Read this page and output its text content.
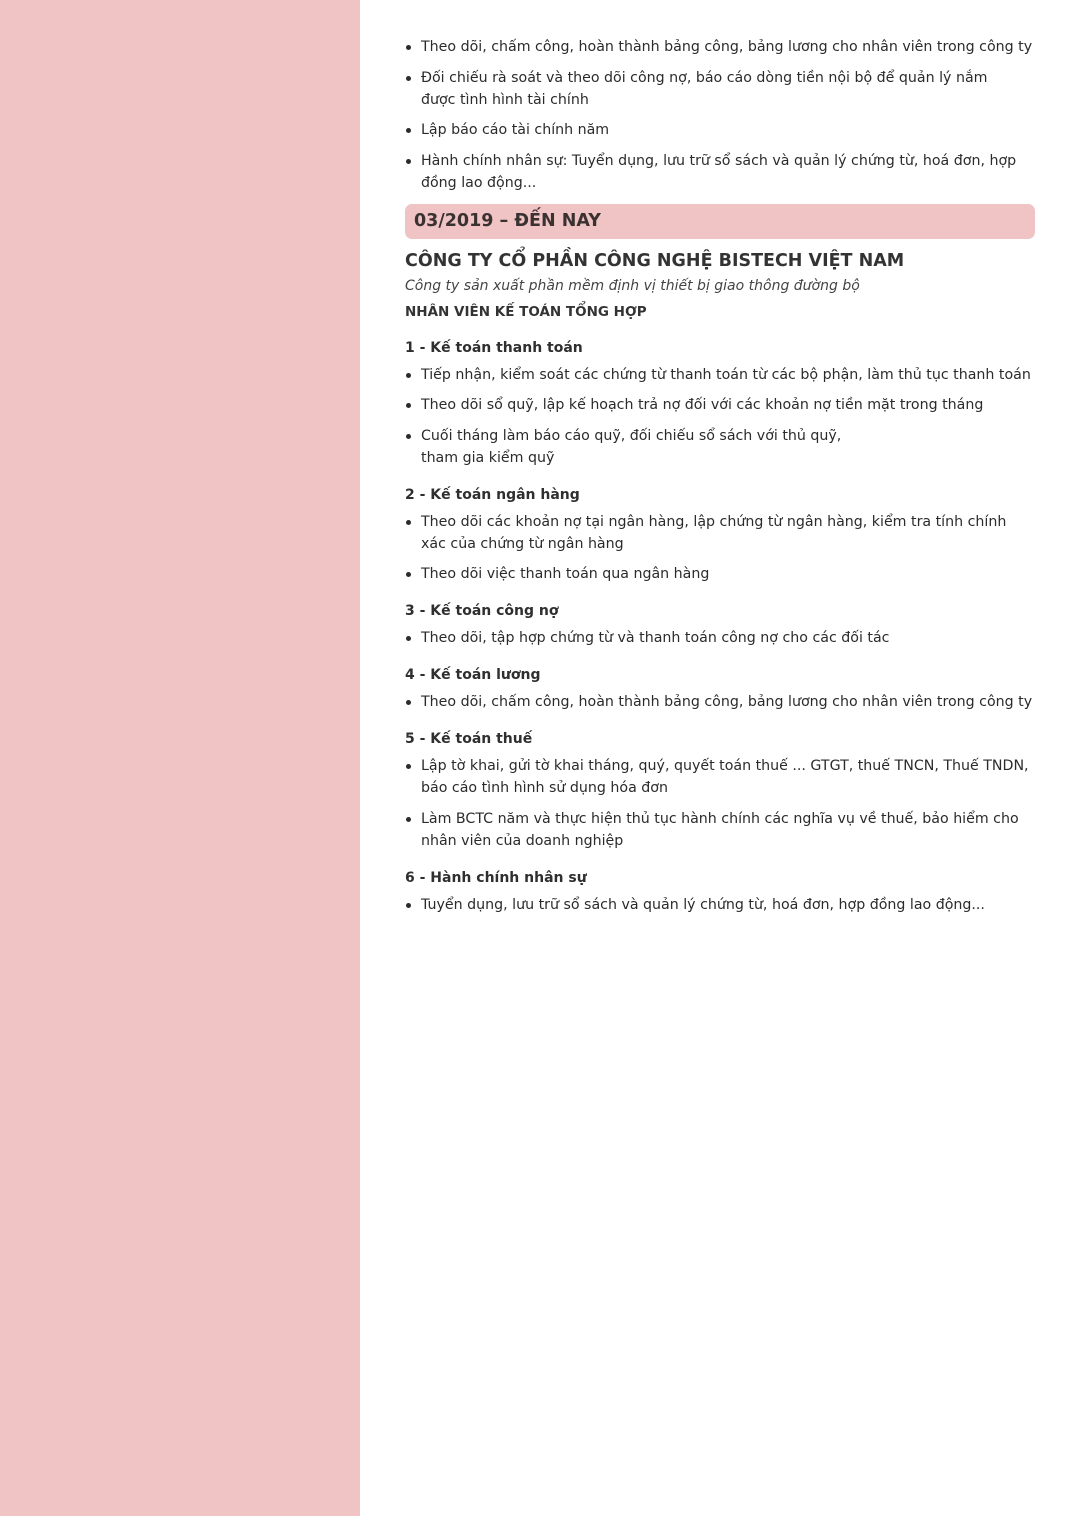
Theo dõi, chấm công, hoàn thành bảng công, bảng lương cho nhân viên trong công ty
Đối chiếu rà soát và theo dõi công nợ, báo cáo dòng tiền nội bộ để quản lý nắm được tình hình tài chính
Lập báo cáo tài chính năm
Hành chính nhân sự: Tuyển dụng, lưu trữ sổ sách và quản lý chứng từ, hoá đơn, hợp đồng lao động...
03/2019 – ĐẾN NAY
CÔNG TY CỔ PHẦN CÔNG NGHỆ BISTECH VIỆT NAM
Công ty sản xuất phần mềm định vị thiết bị giao thông đường bộ
NHÂN VIÊN KẾ TOÁN TỔNG HỢP
1 - Kế toán thanh toán
Tiếp nhận, kiểm soát các chứng từ thanh toán từ các bộ phận, làm thủ tục thanh toán
Theo dõi sổ quỹ, lập kế hoạch trả nợ đối với các khoản nợ tiền mặt trong tháng
Cuối tháng làm báo cáo quỹ, đối chiếu sổ sách với thủ quỹ,
tham gia kiểm quỹ
2 - Kế toán ngân hàng
Theo dõi các khoản nợ tại ngân hàng, lập chứng từ ngân hàng, kiểm tra tính chính xác của chứng từ ngân hàng
Theo dõi việc thanh toán qua ngân hàng
3 - Kế toán công nợ
Theo dõi, tập hợp chứng từ và thanh toán công nợ cho các đối tác
4 - Kế toán lương
Theo dõi, chấm công, hoàn thành bảng công, bảng lương cho nhân viên trong công ty
5 - Kế toán thuế
Lập tờ khai, gửi tờ khai tháng, quý, quyết toán thuế ... GTGT, thuế TNCN, Thuế TNDN, báo cáo tình hình sử dụng hóa đơn
Làm BCTC năm và thực hiện thủ tục hành chính các nghĩa vụ về thuế, bảo hiểm cho nhân viên của doanh nghiệp
6 - Hành chính nhân sự
Tuyển dụng, lưu trữ sổ sách và quản lý chứng từ, hoá đơn, hợp đồng lao động...
